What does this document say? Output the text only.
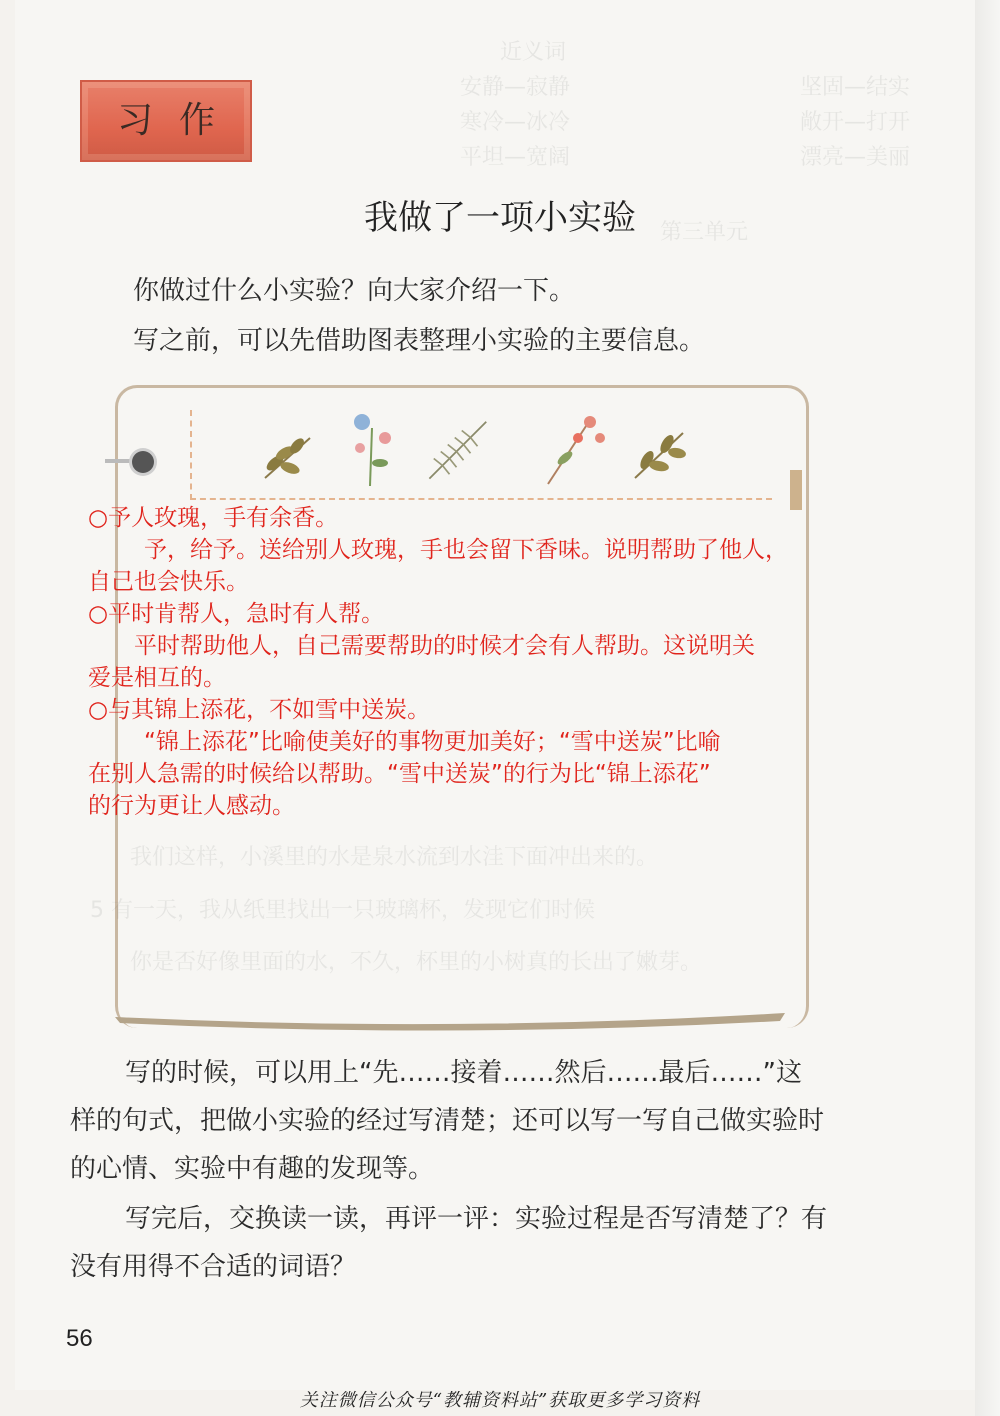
近义词
坚固—结实
敞开—打开
漂亮—美丽
安静—寂静
寒冷—冰冷
平坦—宽阔
第三单元
习作
我做了一项小实验
你做过什么小实验？向大家介绍一下。
写之前，可以先借助图表整理小实验的主要信息。
○予人玫瑰，手有余香。
予，给予。送给别人玫瑰，手也会留下香味。说明帮助了他人，
自己也会快乐。
○平时肯帮人，急时有人帮。
平时帮助他人，自己需要帮助的时候才会有人帮助。这说明关
爱是相互的。
○与其锦上添花，不如雪中送炭。
“锦上添花”比喻使美好的事物更加美好；“雪中送炭”比喻
在别人急需的时候给以帮助。“雪中送炭”的行为比“锦上添花”
的行为更让人感动。
我们这样，小溪里的水是泉水流到水洼下面冲出来的。
5 有一天，我从纸里找出一只玻璃杯，发现它们时候
你是否好像里面的水，不久，杯里的小树真的长出了嫩芽。
写的时候，可以用上“先……接着……然后……最后……”这
样的句式，把做小实验的经过写清楚；还可以写一写自己做实验时
的心情、实验中有趣的发现等。
写完后，交换读一读，再评一评：实验过程是否写清楚了？有
没有用得不合适的词语？
56
关注微信公众号“教辅资料站”获取更多学习资料
